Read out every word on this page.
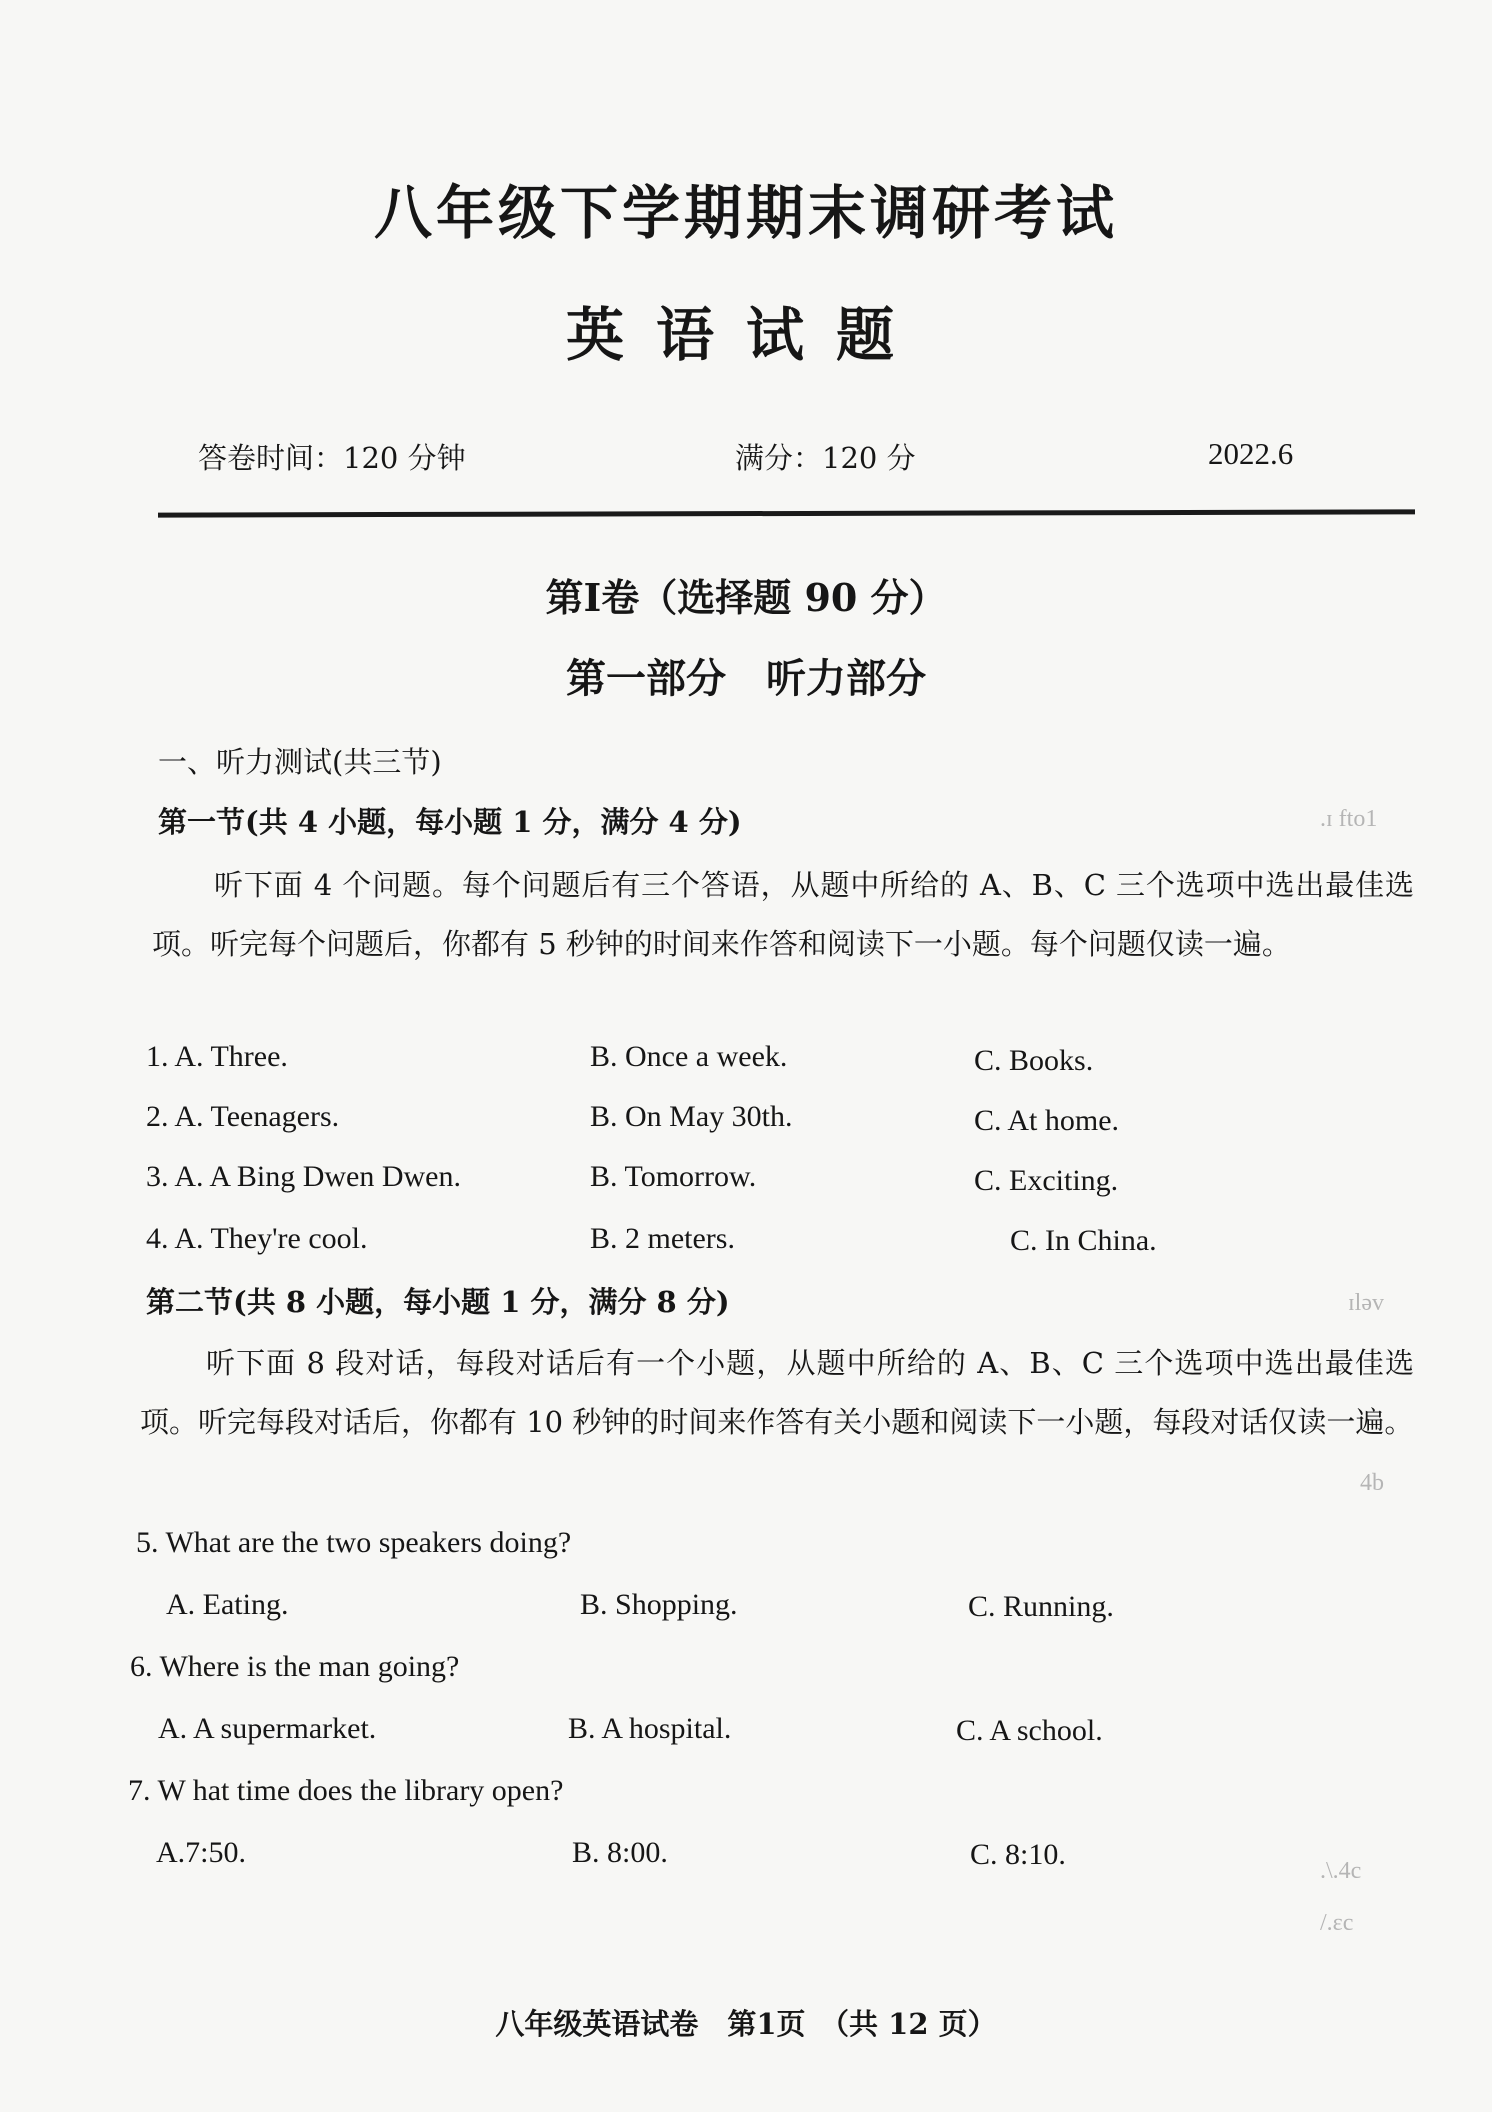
八年级下学期期末调研考试
英语试题
答卷时间：120 分钟	满分：120 分	2022.6
第Ⅰ卷（选择题 90 分）
第一部分　听力部分
一、听力测试(共三节)
第一节(共 4 小题，每小题 1 分，满分 4 分)
听下面 4 个问题。每个问题后有三个答语，从题中所给的 A、B、C 三个选项中选出最佳选项。听完每个问题后，你都有 5 秒钟的时间来作答和阅读下一小题。每个问题仅读一遍。
1. A. Three.	B. Once a week.	C. Books.
2. A. Teenagers.	B. On May 30th.	C. At home.
3. A. A Bing Dwen Dwen.	B. Tomorrow.	C. Exciting.
4. A. They're cool.	B. 2 meters.	C. In China.
第二节(共 8 小题，每小题 1 分，满分 8 分)
听下面 8 段对话，每段对话后有一个小题，从题中所给的 A、B、C 三个选项中选出最佳选项。听完每段对话后，你都有 10 秒钟的时间来作答有关小题和阅读下一小题，每段对话仅读一遍。
5. What are the two speakers doing?
A. Eating.	B. Shopping.	C. Running.
6. Where is the man going?
A. A supermarket.	B. A hospital.	C. A school.
7. W hat time does the library open?
A.7:50.	B. 8:00.	C. 8:10.
.ɪ fto1
ɪləv
4b
.\.4c
/.ɛc
八年级英语试卷　第1页　（共 12 页）
